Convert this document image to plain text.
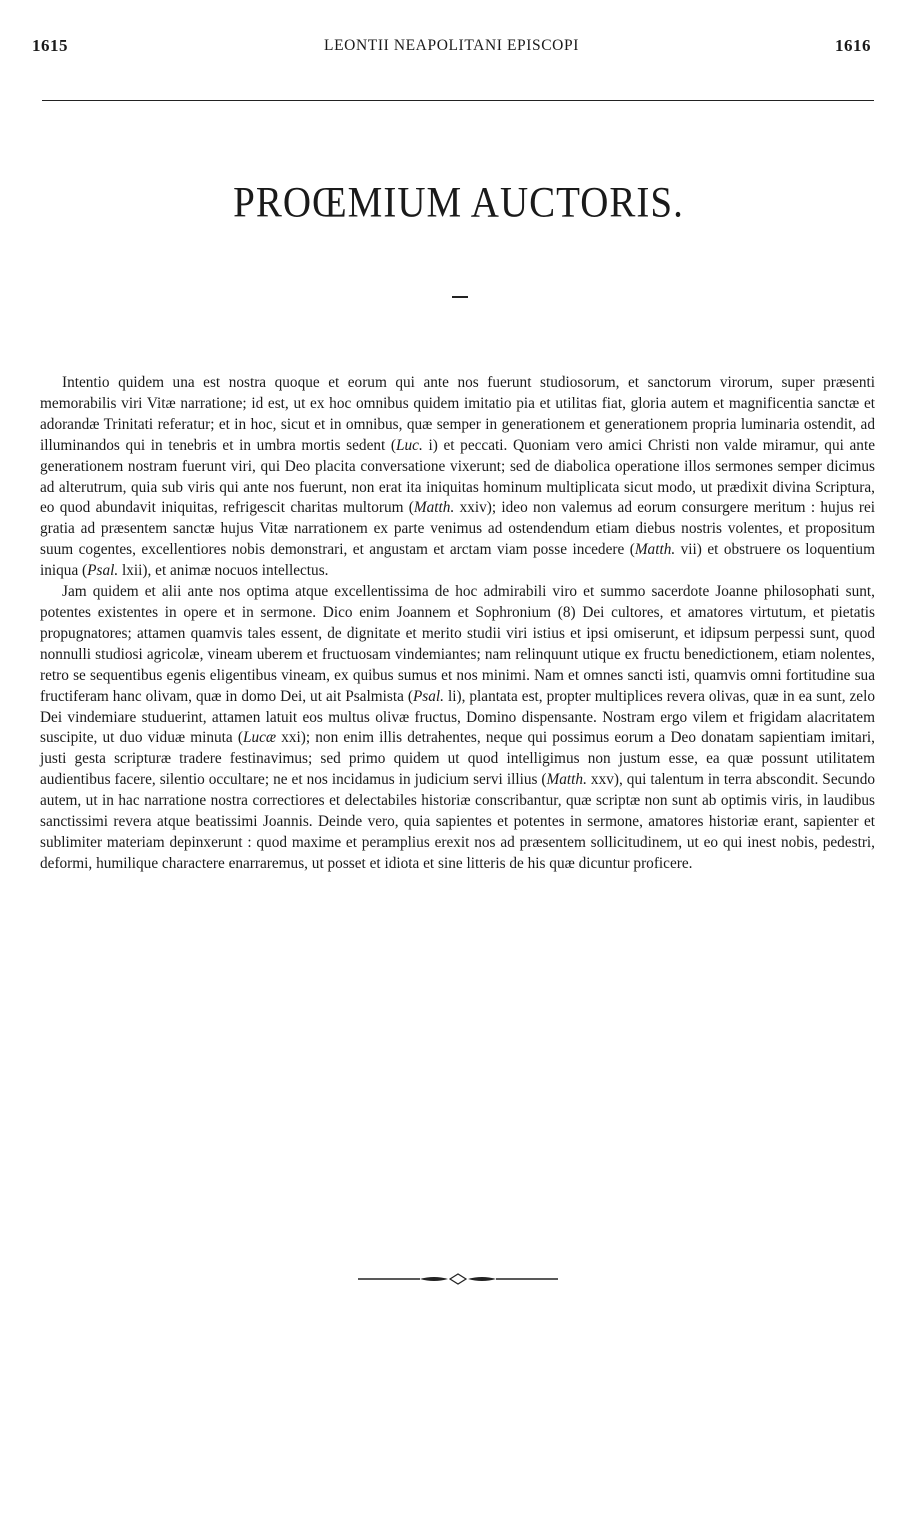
1615	LEONTII NEAPOLITANI EPISCOPI	1616
PROŒMIUM AUCTORIS.

Intentio quidem una est nostra quoque et eorum qui ante nos fuerunt studiosorum, et sanctorum virorum, super præsenti memorabilis viri Vitæ narratione; id est, ut ex hoc omnibus quidem imitatio pia et utilitas fiat, gloria autem et magnificentia sanctæ et adorandæ Trinitati referatur; et in hoc, sicut et in omnibus, quæ semper in generationem et generationem propria luminaria ostendit, ad illuminandos qui in tenebris et in umbra mortis sedent (Luc. i) et peccati. Quoniam vero amici Christi non valde miramur, qui ante generationem nostram fuerunt viri, qui Deo placita conversatione vixerunt; sed de diabolica operatione illos sermones semper dicimus ad alterutrum, quia sub viris qui ante nos fuerunt, non erat ita iniquitas hominum multiplicata sicut modo, ut prædixit divina Scriptura, eo quod abundavit iniquitas, refrigescit charitas multorum (Matth. xxiv); ideo non valemus ad eorum consurgere meritum : hujus rei gratia ad præsentem sanctæ hujus Vitæ narrationem ex parte venimus ad ostendendum etiam diebus nostris volentes, et propositum suum cogentes, excellentiores nobis demonstrari, et angustam et arctam viam posse incedere (Matth. vii) et obstruere os loquentium iniqua (Psal. lxii), et animæ nocuos intellectus.

Jam quidem et alii ante nos optima atque excellentissima de hoc admirabili viro et summo sacerdote Joanne philosophati sunt, potentes existentes in opere et in sermone. Dico enim Joannem et Sophronium (8) Dei cultores, et amatores virtutum, et pietatis propugnatores; attamen quamvis tales essent, de dignitate et merito studii viri istius et ipsi omiserunt, et idipsum perpessi sunt, quod nonnulli studiosi agricolæ, vineam uberem et fructuosam vindemiantes; nam relinquunt utique ex fructu benedictionem, etiam nolentes, retro se sequentibus egenis eligentibus vineam, ex quibus sumus et nos minimi. Nam et omnes sancti isti, quamvis omni fortitudine sua fructiferam hanc olivam, quæ in domo Dei, ut ait Psalmista (Psal. li), plantata est, propter multiplices revera olivas, quæ in ea sunt, zelo Dei vindemiare studuerint, attamen latuit eos multus olivæ fructus, Domino dispensante. Nostram ergo vilem et frigidam alacritatem suscipite, ut duo viduæ minuta (Lucæ xxi); non enim illis detrahentes, neque qui possimus eorum a Deo donatam sapientiam imitari, justi gesta scripturæ tradere festinavimus; sed primo quidem ut quod intelligimus non justum esse, ea quæ possunt utilitatem audientibus facere, silentio occultare; ne et nos incidamus in judicium servi illius (Matth. xxv), qui talentum in terra abscondit. Secundo autem, ut in hac narratione nostra correctiores et delectabiles historiæ conscribantur, quæ scriptæ non sunt ab optimis viris, in laudibus sanctissimi revera atque beatissimi Joannis. Deinde vero, quia sapientes et potentes in sermone, amatores historiæ erant, sapienter et sublimiter materiam depinxerunt : quod maxime et peramplius erexit nos ad præsentem sollicitudinem, ut eo qui inest nobis, pedestri, deformi, humilique charactere enarraremus, ut posset et idiota et sine litteris de his quæ dicuntur proficere.
